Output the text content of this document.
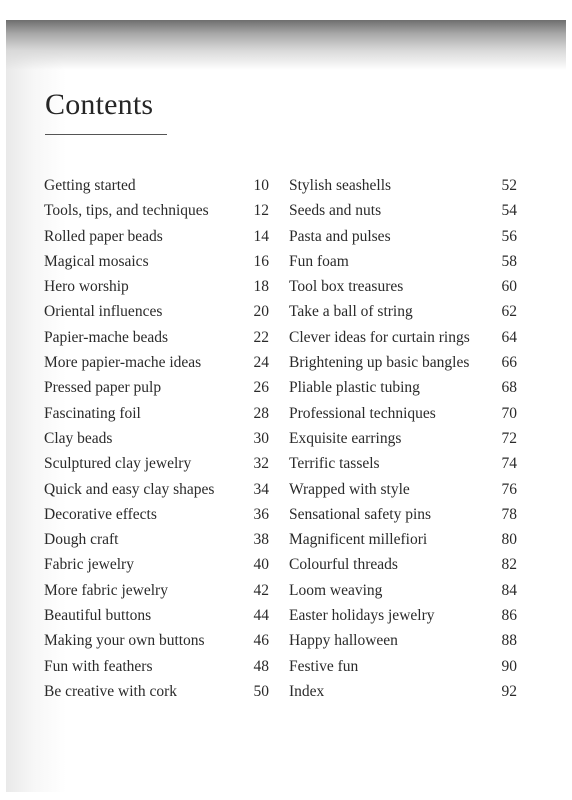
Contents
Getting started	10
Tools, tips, and techniques	12
Rolled paper beads	14
Magical mosaics	16
Hero worship	18
Oriental influences	20
Papier-mache beads	22
More papier-mache ideas	24
Pressed paper pulp	26
Fascinating foil	28
Clay beads	30
Sculptured clay jewelry	32
Quick and easy clay shapes	34
Decorative effects	36
Dough craft	38
Fabric jewelry	40
More fabric jewelry	42
Beautiful buttons	44
Making your own buttons	46
Fun with feathers	48
Be creative with cork	50
Stylish seashells	52
Seeds and nuts	54
Pasta and pulses	56
Fun foam	58
Tool box treasures	60
Take a ball of string	62
Clever ideas for curtain rings	64
Brightening up basic bangles	66
Pliable plastic tubing	68
Professional techniques	70
Exquisite earrings	72
Terrific tassels	74
Wrapped with style	76
Sensational safety pins	78
Magnificent millefiori	80
Colourful threads	82
Loom weaving	84
Easter holidays jewelry	86
Happy halloween	88
Festive fun	90
Index	92
